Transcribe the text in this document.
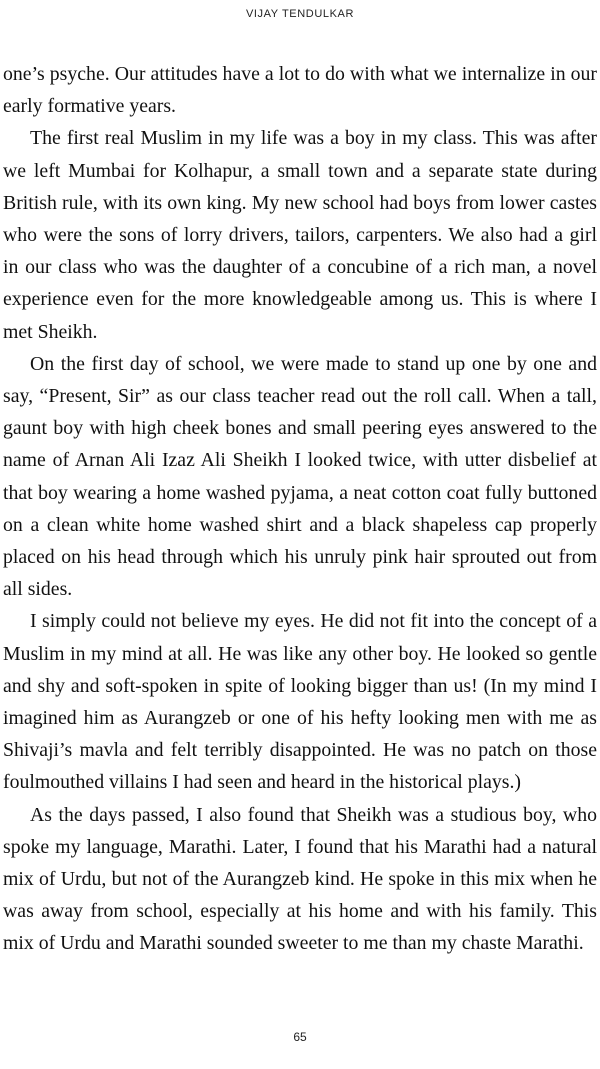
VIJAY TENDULKAR

one’s psyche. Our attitudes have a lot to do with what we internalize in our early formative years.

The first real Muslim in my life was a boy in my class. This was after we left Mumbai for Kolhapur, a small town and a separate state during British rule, with its own king. My new school had boys from lower castes who were the sons of lorry drivers, tailors, carpenters. We also had a girl in our class who was the daughter of a concubine of a rich man, a novel experience even for the more knowledgeable among us. This is where I met Sheikh.

On the first day of school, we were made to stand up one by one and say, “Present, Sir” as our class teacher read out the roll call. When a tall, gaunt boy with high cheek bones and small peering eyes answered to the name of Arnan Ali Izaz Ali Sheikh I looked twice, with utter disbelief at that boy wearing a home washed pyjama, a neat cotton coat fully buttoned on a clean white home washed shirt and a black shapeless cap properly placed on his head through which his unruly pink hair sprouted out from all sides.

I simply could not believe my eyes. He did not fit into the concept of a Muslim in my mind at all. He was like any other boy. He looked so gentle and shy and soft-spoken in spite of looking bigger than us! (In my mind I imagined him as Aurangzeb or one of his hefty looking men with me as Shivaji’s mavla and felt terribly disappointed. He was no patch on those foulmouthed villains I had seen and heard in the historical plays.)

As the days passed, I also found that Sheikh was a studious boy, who spoke my language, Marathi. Later, I found that his Marathi had a natural mix of Urdu, but not of the Aurangzeb kind. He spoke in this mix when he was away from school, especially at his home and with his family. This mix of Urdu and Marathi sounded sweeter to me than my chaste Marathi.

65
